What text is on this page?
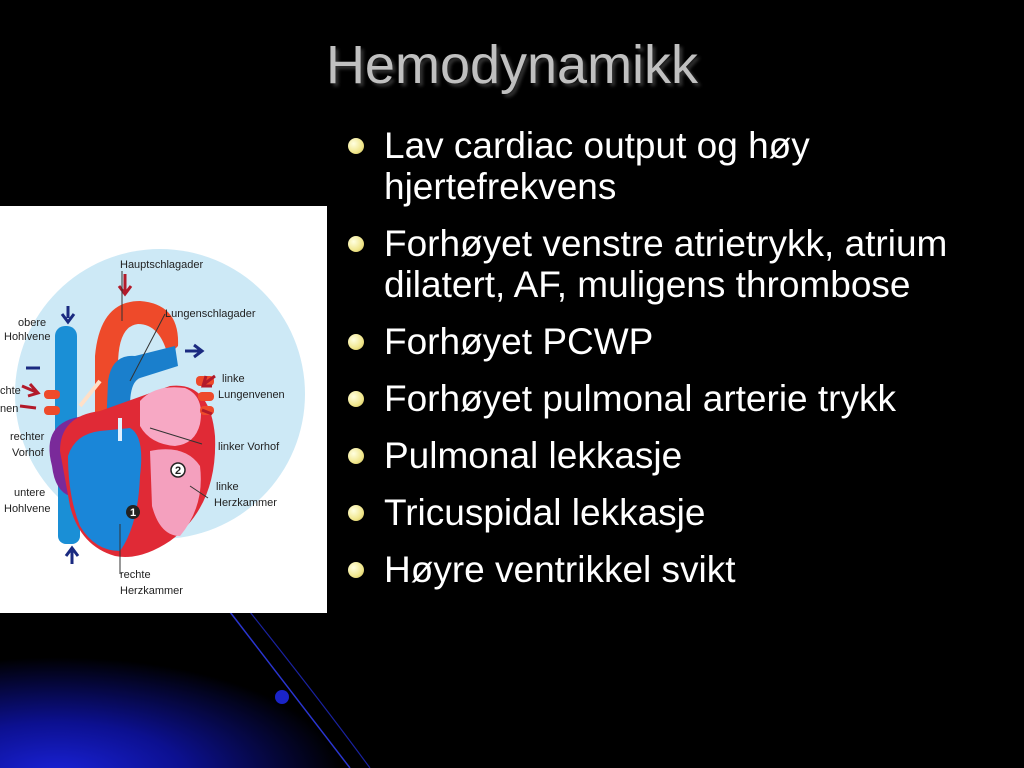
Hemodynamikk
Lav cardiac output og høy hjertefrekvens
Forhøyet venstre atrietrykk, atrium dilatert, AF, muligens thrombose
Forhøyet PCWP
Forhøyet pulmonal arterie trykk
Pulmonal lekkasje
Tricuspidal lekkasje
Høyre ventrikkel svikt
1
2
Hauptschlagader
Lungenschlagader
obere
Hohlvene
chte
nen
linke
Lungenvenen
rechter
Vorhof	linker Vorhof
untere
Hohlvene
linke
Herzkammer
rechte
Herzkammer
